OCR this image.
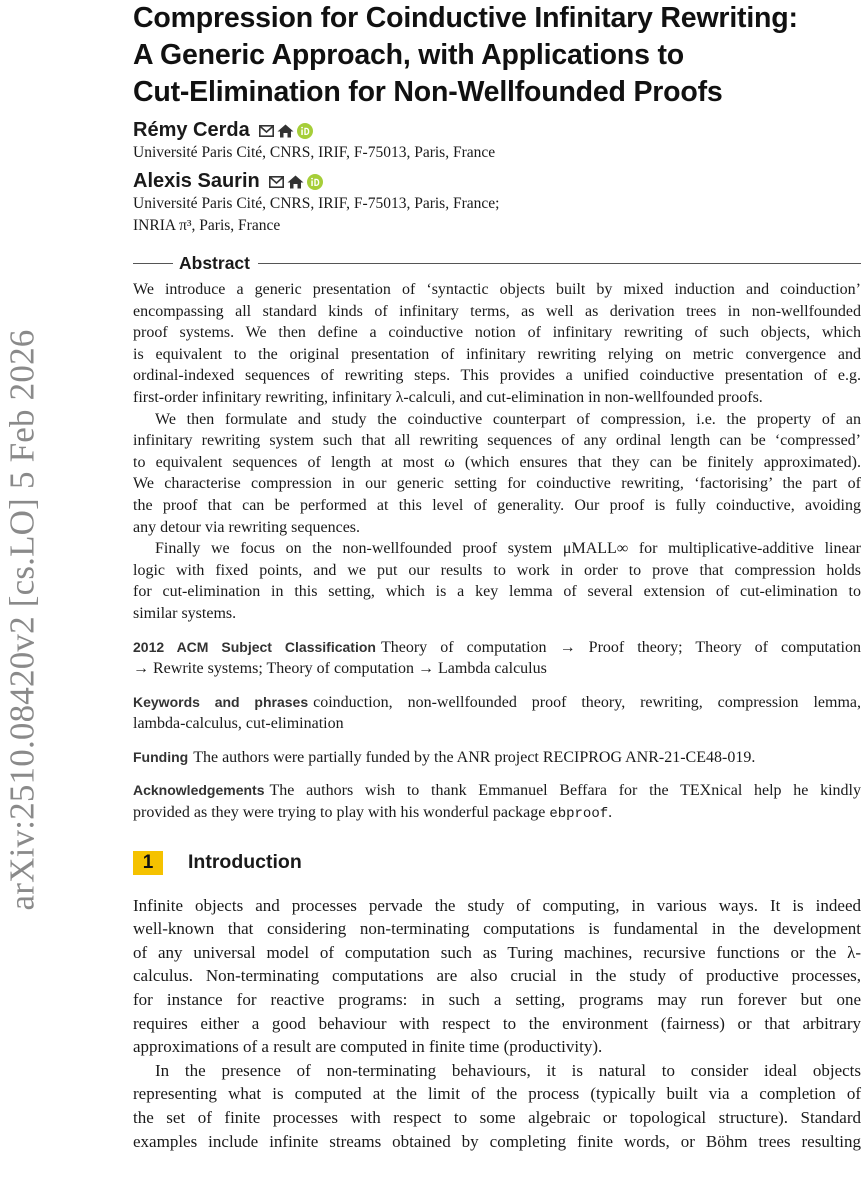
arXiv:2510.08420v2 [cs.LO] 5 Feb 2026
Compression for Coinductive Infinitary Rewriting:
A Generic Approach, with Applications to
Cut-Elimination for Non-Wellfounded Proofs
Rémy Cerda
Université Paris Cité, CNRS, IRIF, F-75013, Paris, France
Alexis Saurin
Université Paris Cité, CNRS, IRIF, F-75013, Paris, France;
INRIA π³, Paris, France
Abstract

We introduce a generic presentation of ‘syntactic objects built by mixed induction and coinduction’
encompassing all standard kinds of infinitary terms, as well as derivation trees in non-wellfounded
proof systems. We then define a coinductive notion of infinitary rewriting of such objects, which
is equivalent to the original presentation of infinitary rewriting relying on metric convergence and
ordinal-indexed sequences of rewriting steps. This provides a unified coinductive presentation of e.g.
first-order infinitary rewriting, infinitary λ-calculi, and cut-elimination in non-wellfounded proofs.

We then formulate and study the coinductive counterpart of compression, i.e. the property of an
infinitary rewriting system such that all rewriting sequences of any ordinal length can be ‘compressed’
to equivalent sequences of length at most ω (which ensures that they can be finitely approximated).
We characterise compression in our generic setting for coinductive rewriting, ‘factorising’ the part of
the proof that can be performed at this level of generality. Our proof is fully coinductive, avoiding
any detour via rewriting sequences.

Finally we focus on the non-wellfounded proof system μMALL∞ for multiplicative-additive linear
logic with fixed points, and we put our results to work in order to prove that compression holds
for cut-elimination in this setting, which is a key lemma of several extension of cut-elimination to
similar systems.

2012 ACM Subject Classification Theory of computation → Proof theory; Theory of computation
→ Rewrite systems; Theory of computation → Lambda calculus
Keywords and phrases coinduction, non-wellfounded proof theory, rewriting, compression lemma,
lambda-calculus, cut-elimination
Funding The authors were partially funded by the ANR project RECIPROG ANR-21-CE48-019.
Acknowledgements The authors wish to thank Emmanuel Beffara for the TEXnical help he kindly
provided as they were trying to play with his wonderful package ebproof.
1	Introduction

Infinite objects and processes pervade the study of computing, in various ways. It is indeed
well-known that considering non-terminating computations is fundamental in the development
of any universal model of computation such as Turing machines, recursive functions or the λ-
calculus. Non-terminating computations are also crucial in the study of productive processes,
for instance for reactive programs: in such a setting, programs may run forever but one
requires either a good behaviour with respect to the environment (fairness) or that arbitrary
approximations of a result are computed in finite time (productivity).

In the presence of non-terminating behaviours, it is natural to consider ideal objects
representing what is computed at the limit of the process (typically built via a completion of
the set of finite processes with respect to some algebraic or topological structure). Standard
examples include infinite streams obtained by completing finite words, or Böhm trees resulting
